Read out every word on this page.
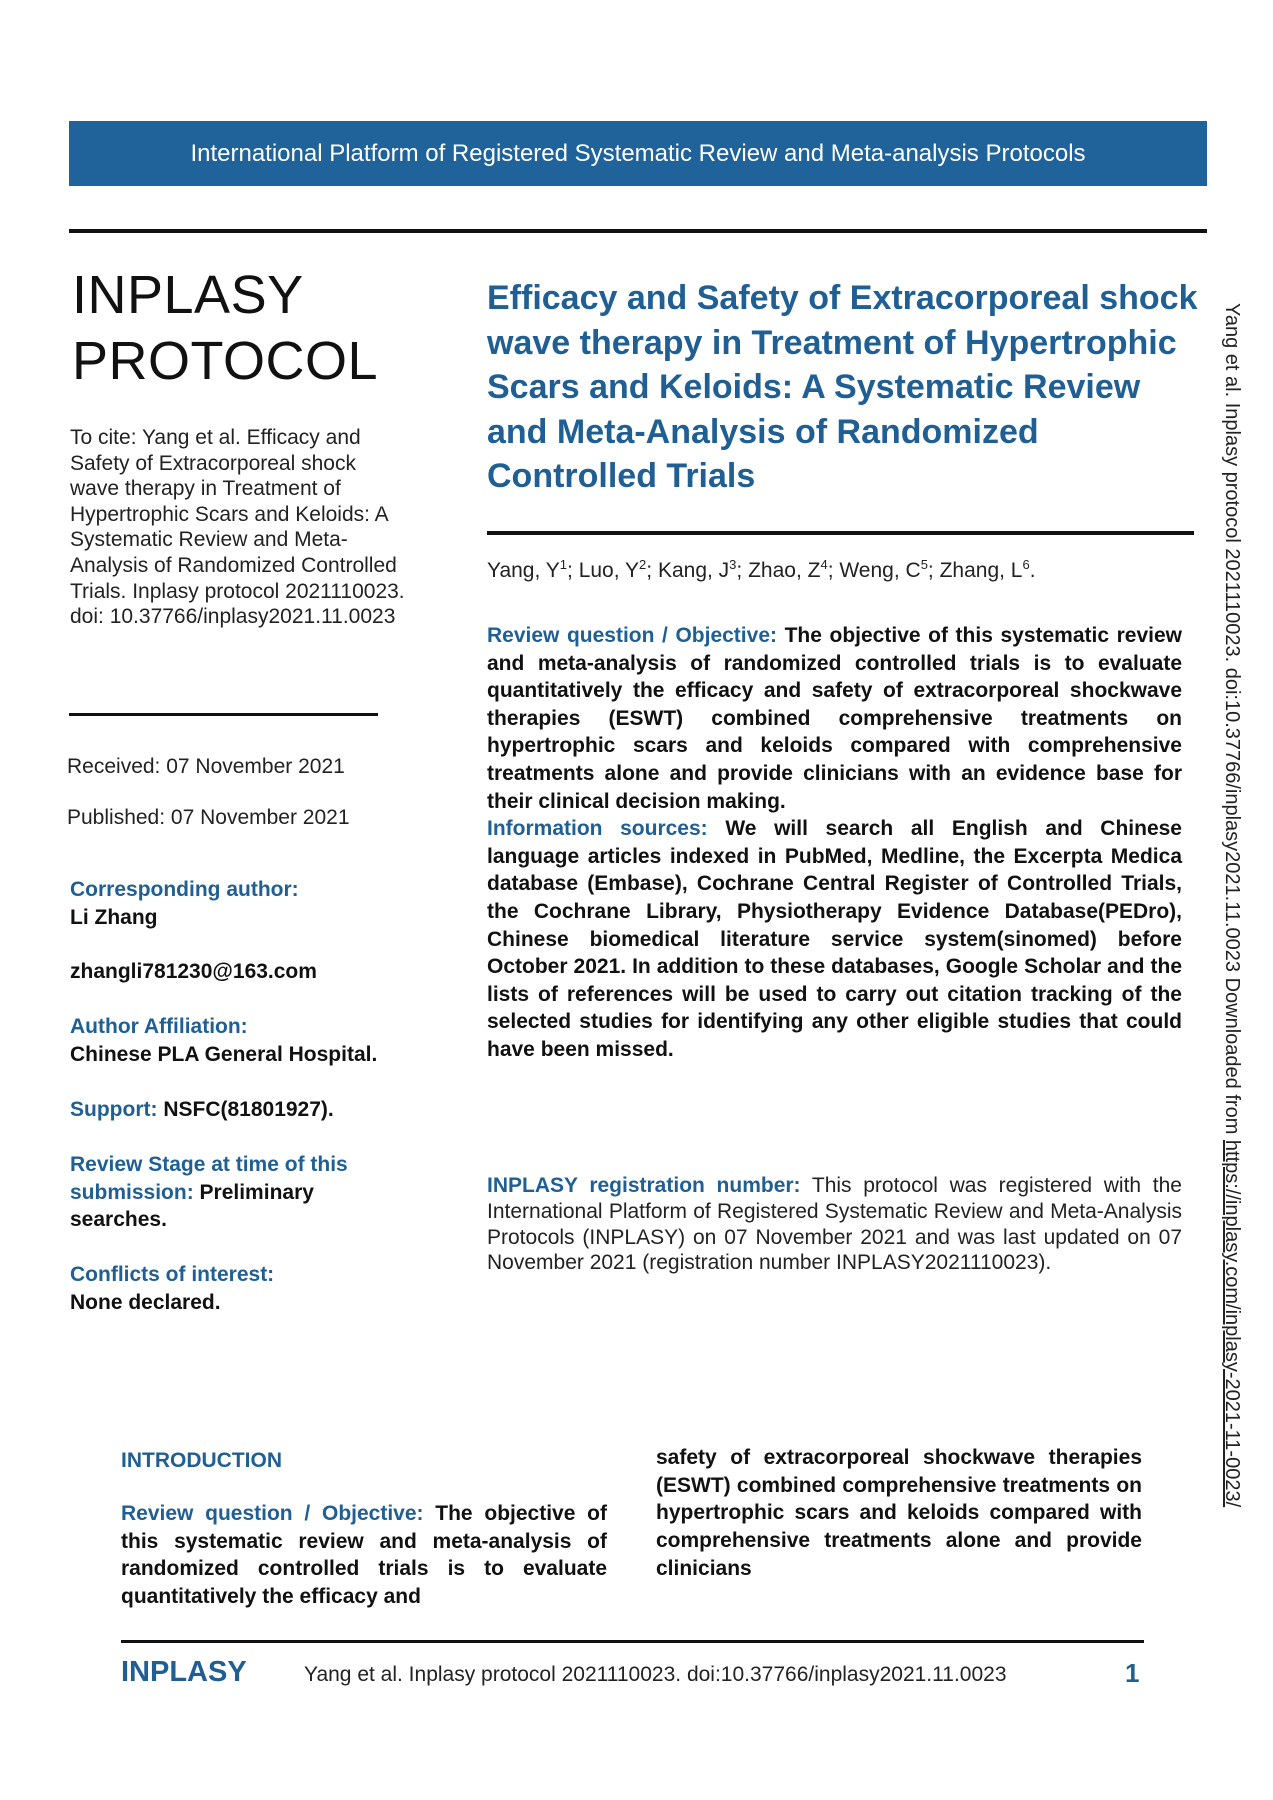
International Platform of Registered Systematic Review and Meta-analysis Protocols
INPLASY
PROTOCOL
To cite: Yang et al. Efficacy and Safety of Extracorporeal shock wave therapy in Treatment of Hypertrophic Scars and Keloids: A Systematic Review and Meta-Analysis of Randomized Controlled Trials. Inplasy protocol 2021110023. doi: 10.37766/inplasy2021.11.0023
Received: 07 November 2021
Published: 07 November 2021
Corresponding author:
Li Zhang
zhangli781230@163.com
Author Affiliation:
Chinese PLA General Hospital.
Support: NSFC(81801927).
Review Stage at time of this submission: Preliminary searches.
Conflicts of interest:
None declared.
Efficacy and Safety of Extracorporeal shock wave therapy in Treatment of Hypertrophic Scars and Keloids: A Systematic Review and Meta-Analysis of Randomized Controlled Trials
Yang, $Y^1$; Luo, $Y^2$; Kang, $J^3$; Zhao, $Z^4$; Weng, $C^5$; Zhang, $L^6$.
Review question / Objective: The objective of this systematic review and meta-analysis of randomized controlled trials is to evaluate quantitatively the efficacy and safety of extracorporeal shockwave therapies (ESWT) combined comprehensive treatments on hypertrophic scars and keloids compared with comprehensive treatments alone and provide clinicians with an evidence base for their clinical decision making.
Information sources: We will search all English and Chinese language articles indexed in PubMed, Medline, the Excerpta Medica database (Embase), Cochrane Central Register of Controlled Trials, the Cochrane Library, Physiotherapy Evidence Database(PEDro), Chinese biomedical literature service system(sinomed) before October 2021. In addition to these databases, Google Scholar and the lists of references will be used to carry out citation tracking of the selected studies for identifying any other eligible studies that could have been missed.
INPLASY registration number: This protocol was registered with the International Platform of Registered Systematic Review and Meta-Analysis Protocols (INPLASY) on 07 November 2021 and was last updated on 07 November 2021 (registration number INPLASY2021110023).
Yang et al. Inplasy protocol 2021110023. doi:10.37766/inplasy2021.11.0023 Downloaded from https://inplasy.com/inplasy-2021-11-0023/
INTRODUCTION
Review question / Objective: The objective of this systematic review and meta-analysis of randomized controlled trials is to evaluate quantitatively the efficacy and
safety of extracorporeal shockwave therapies (ESWT) combined comprehensive treatments on hypertrophic scars and keloids compared with comprehensive treatments alone and provide clinicians
INPLASY	Yang et al. Inplasy protocol 2021110023. doi:10.37766/inplasy2021.11.0023	1
